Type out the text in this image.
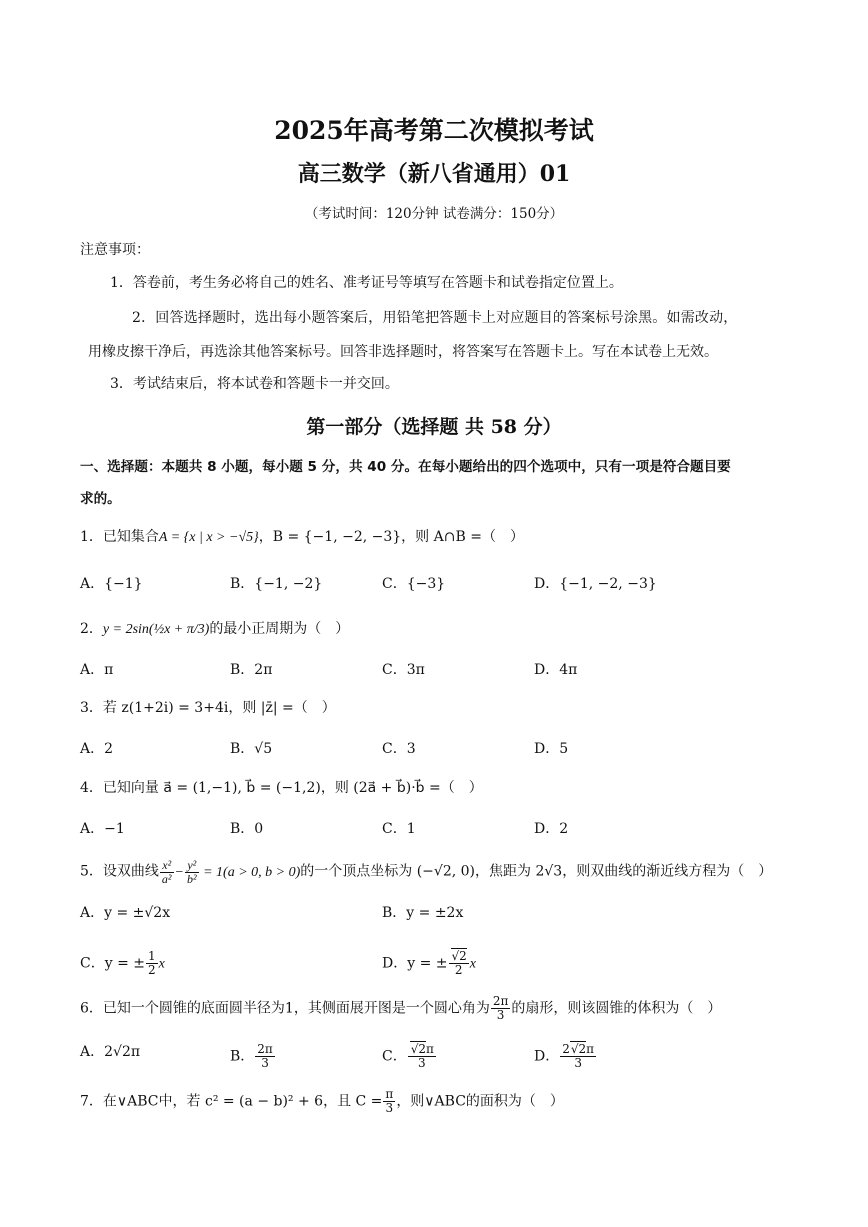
2025年高考第二次模拟考试
高三数学（新八省通用）01
（考试时间：120分钟 试卷满分：150分）
注意事项：
1．答卷前，考生务必将自己的姓名、准考证号等填写在答题卡和试卷指定位置上。
2．回答选择题时，选出每小题答案后，用铅笔把答题卡上对应题目的答案标号涂黑。如需改动，
用橡皮擦干净后，再选涂其他答案标号。回答非选择题时，将答案写在答题卡上。写在本试卷上无效。
3．考试结束后，将本试卷和答题卡一并交回。
第一部分（选择题 共 58 分）
一、选择题：本题共 8 小题，每小题 5 分，共 40 分。在每小题给出的四个选项中，只有一项是符合题目要
求的。
1．已知集合A = {x | x > −√5}，B = {−1, −2, −3}，则 A∩B =（　）
A．{−1}	B．{−1, −2}	C．{−3}	D．{−1, −2, −3}
2．y = 2sin(½x + π/3)的最小正周期为（　）
A．π	B．2π	C．3π	D．4π
3．若 z(1+2i) = 3+4i，则 |z̄| =（　）
A．2	B．√5	C．3	D．5
4．已知向量 a⃗ = (1,−1), b⃗ = (−1,2)，则 (2a⃗ + b⃗)·b⃗ =（　）
A．−1	B．0	C．1	D．2
5．设双曲线 $\frac{\text{x²}}{\text{a²}} - \frac{\text{y²}}{\text{b²}} = 1(a > 0$, b > 0)的一个顶点坐标为 (−√2, 0)，焦距为 2√3，则双曲线的渐近线方程为（　）
A．y = ±√2x	B．y = ±2x
C．y = ± $\frac{1}{2}$ x	D．y = ± $\frac{√2}{2}$ x
6．已知一个圆锥的底面圆半径为1，其侧面展开图是一个圆心角为 $\frac{2\pi}{3}$ 的扇形，则该圆锥的体积为（　）
A．2√2π	B． $\frac{2\pi}{3}$	C． $\frac{√2\pi}{3}$	D． $\frac{2√2\pi}{3}$
7．在∨ABC中，若 c² = (a − b)² + 6，且 $C = \frac{\pi}{3}$ ，则∨ABC的面积为（　）
